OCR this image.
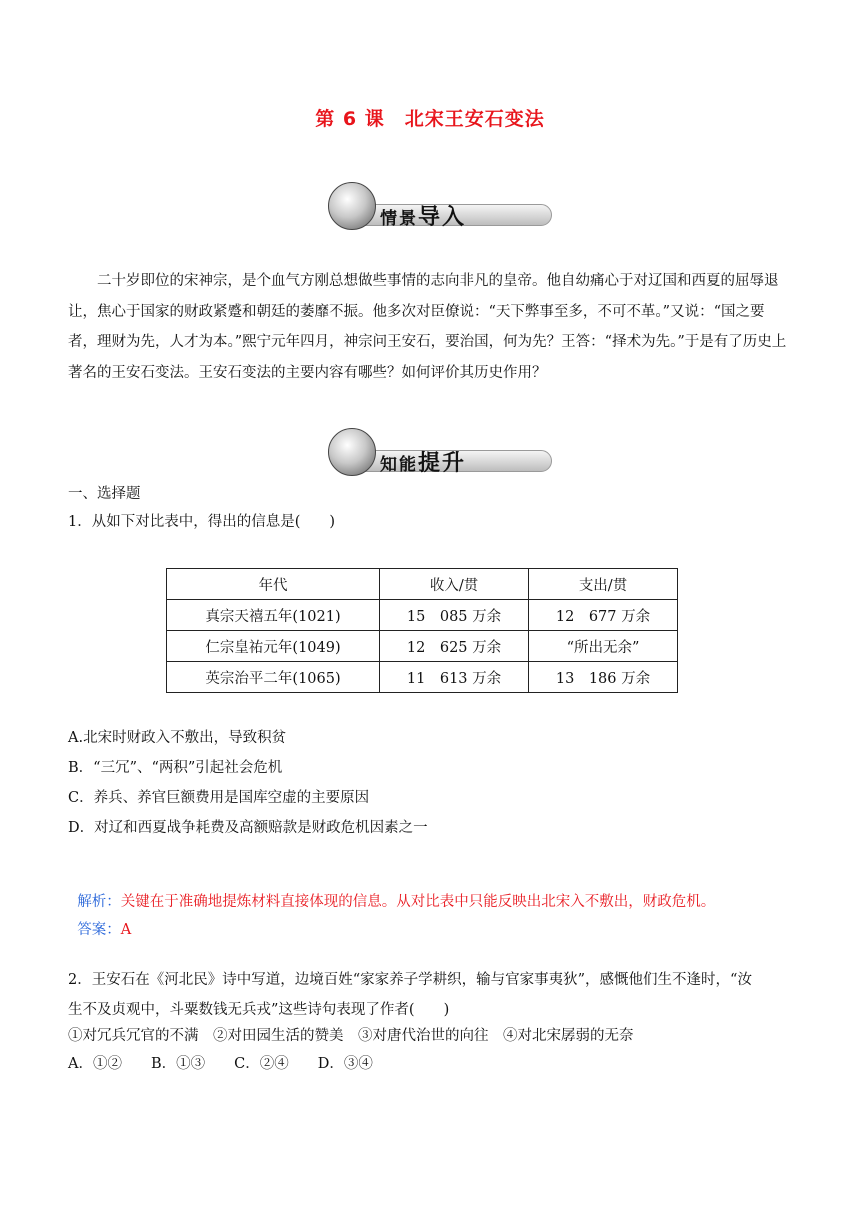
第 6 课　北宋王安石变法
情景导入

二十岁即位的宋神宗，是个血气方刚总想做些事情的志向非凡的皇帝。他自幼痛心于对辽国和西夏的屈辱退让，焦心于国家的财政紧蹙和朝廷的萎靡不振。他多次对臣僚说：“天下弊事至多，不可不革。”又说：“国之要者，理财为先，人才为本。”熙宁元年四月，神宗问王安石，要治国，何为先？王答：“择术为先。”于是有了历史上著名的王安石变法。王安石变法的主要内容有哪些？如何评价其历史作用？

知能提升
一、选择题
1．从如下对比表中，得出的信息是(　　)
年代	收入/贯	支出/贯
真宗天禧五年(1021)	15　085 万余	12　677 万余
仁宗皇祐元年(1049)	12　625 万余	“所出无余”
英宗治平二年(1065)	11　613 万余	13　186 万余
A.北宋时财政入不敷出，导致积贫
B．“三冗”、“两积”引起社会危机
C．养兵、养官巨额费用是国库空虚的主要原因
D．对辽和西夏战争耗费及高额赔款是财政危机因素之一

解析：关键在于准确地提炼材料直接体现的信息。从对比表中只能反映出北宋入不敷出，财政危机。

答案：A

2．王安石在《河北民》诗中写道，边境百姓“家家养子学耕织，输与官家事夷狄”，感慨他们生不逢时，“汝
生不及贞观中，斗粟数钱无兵戎”这些诗句表现了作者(　　)
①对冗兵冗官的不满　②对田园生活的赞美　③对唐代治世的向往　④对北宋孱弱的无奈
A．①②　　B．①③　　C．②④　　D．③④
